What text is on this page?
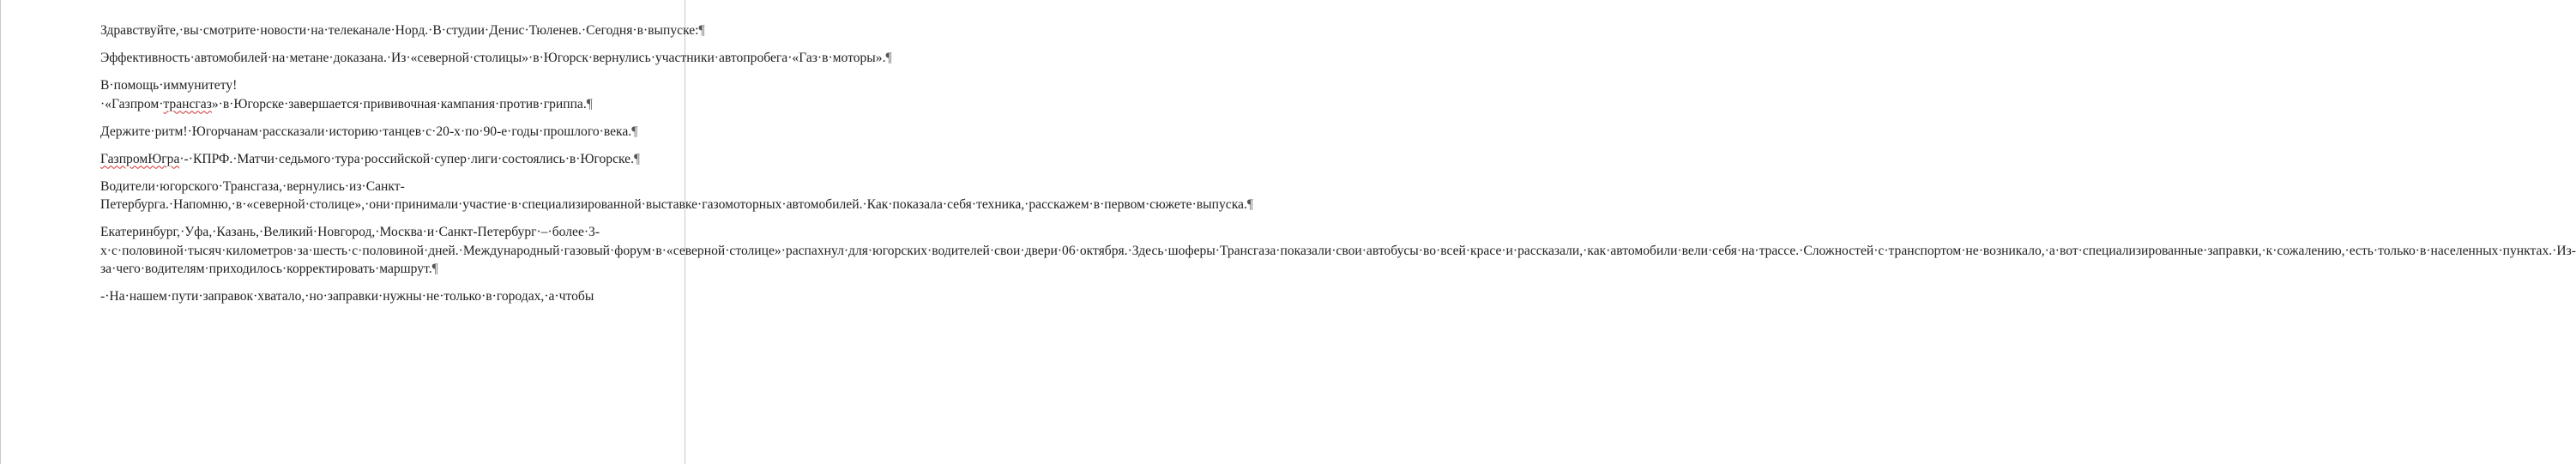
Здравствуйте,·вы·смотрите·новости·на·телеканале·Норд.·В·студии·Денис·Тюленев.·Сегодня·в·выпуске:¶

Эффективность·автомобилей·на·метане·доказана.·Из·«северной·столицы»·в·Югорск·вернулись·участники·автопробега·«Газ·в·моторы».¶

В·помощь·иммунитету!·«Газпром·трансгаз»·в·Югорске·завершается·прививочная·кампания·против·гриппа.¶

Держите·ритм!·Югорчанам·рассказали·историю·танцев·с·20-х·по·90-е·годы·прошлого·века.¶

ГазпромЮгра·-·КПРФ.·Матчи·седьмого·тура·российской·супер·лиги·состоялись·в·Югорске.¶

Водители·югорского·Трансгаза,·вернулись·из·Санкт-Петербурга.·Напомню,·в·«северной·столице»,·они·принимали·участие·в·специализированной·выставке·газомоторных·автомобилей.·Как·показала·себя·техника,·расскажем·в·первом·сюжете·выпуска.¶

Екатеринбург,·Уфа,·Казань,·Великий·Новгород,·Москва·и·Санкт-Петербург·–·более·3-х·с·половиной·тысяч·километров·за·шесть·с·половиной·дней.·Международный·газовый·форум·в·«северной·столице»·распахнул·для·югорских·водителей·свои·двери·06·октября.·Здесь·шоферы·Трансгаза·показали·свои·автобусы·во·всей·красе·и·рассказали,·как·автомобили·вели·себя·на·трассе.·Сложностей·с·транспортом·не·возникало,·а·вот·специализированные·заправки,·к·сожалению,·есть·только·в·населенных·пунктах.·Из-за·чего·водителям·приходилось·корректировать·маршрут.¶

-·На·нашем·пути·заправок·хватало,·но·заправки·нужны·не·только·в·городах,·а·чтобы
